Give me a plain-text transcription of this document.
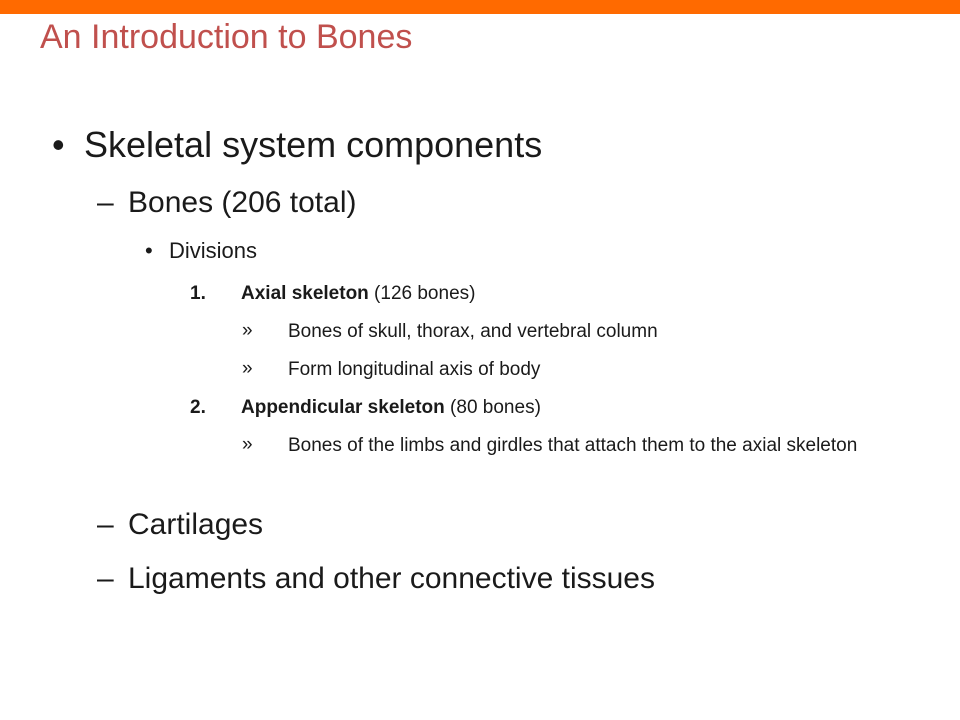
An Introduction to Bones
• Skeletal system components
– Bones (206 total)
• Divisions
1. Axial skeleton (126 bones)
» Bones of skull, thorax, and vertebral column
» Form longitudinal axis of body
2. Appendicular skeleton (80 bones)
» Bones of the limbs and girdles that attach them to the axial skeleton
– Cartilages
– Ligaments and other connective tissues
